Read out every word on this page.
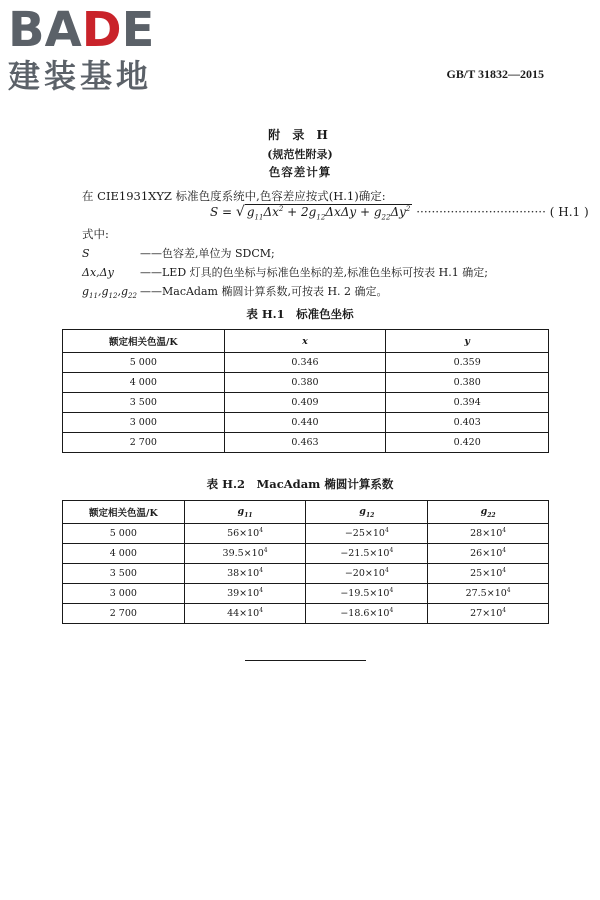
BADE
建装基地	GB/T 31832—2015
附 录 H
(规范性附录)
色容差计算
在 CIE1931XYZ 标准色度系统中,色容差应按式(H.1)确定:
S = √ $g_{11}\Delta x^2 + 2g_{12}\Delta x\Delta y + g_{22}\Delta y^2$ ·································· ( H.1 )
式中:
S	——色容差,单位为 SDCM;
Δx,Δy ——LED 灯具的色坐标与标准色坐标的差,标准色坐标可按表 H.1 确定;
$g_{11},g_{12},g_{22}$ ——MacAdam 椭圆计算系数,可按表 H. 2 确定。
表 H.1　标准色坐标
额定相关色温/K	x	y
5 000	0.346	0.359
4 000	0.380	0.380
3 500	0.409	0.394
3 000	0.440	0.403
2 700	0.463	0.420
表 H.2　MacAdam 椭圆计算系数
额定相关色温/K	$g_{11}$	$g_{12}$	$g_{22}$
5 000	$56\times 10^4$	$-25\times 10^4$	$28\times 10^4$
4 000	$39.5\times 10^4$	$-21.5\times 10^4$	$26\times 10^4$
3 500	$38\times 10^4$	$-20\times 10^4$	$25\times 10^4$
3 000	$39\times 10^4$	$-19.5\times 10^4$	$27.5\times 10^4$
2 700	$44\times 10^4$	$-18.6\times 10^4$	$27\times 10^4$
